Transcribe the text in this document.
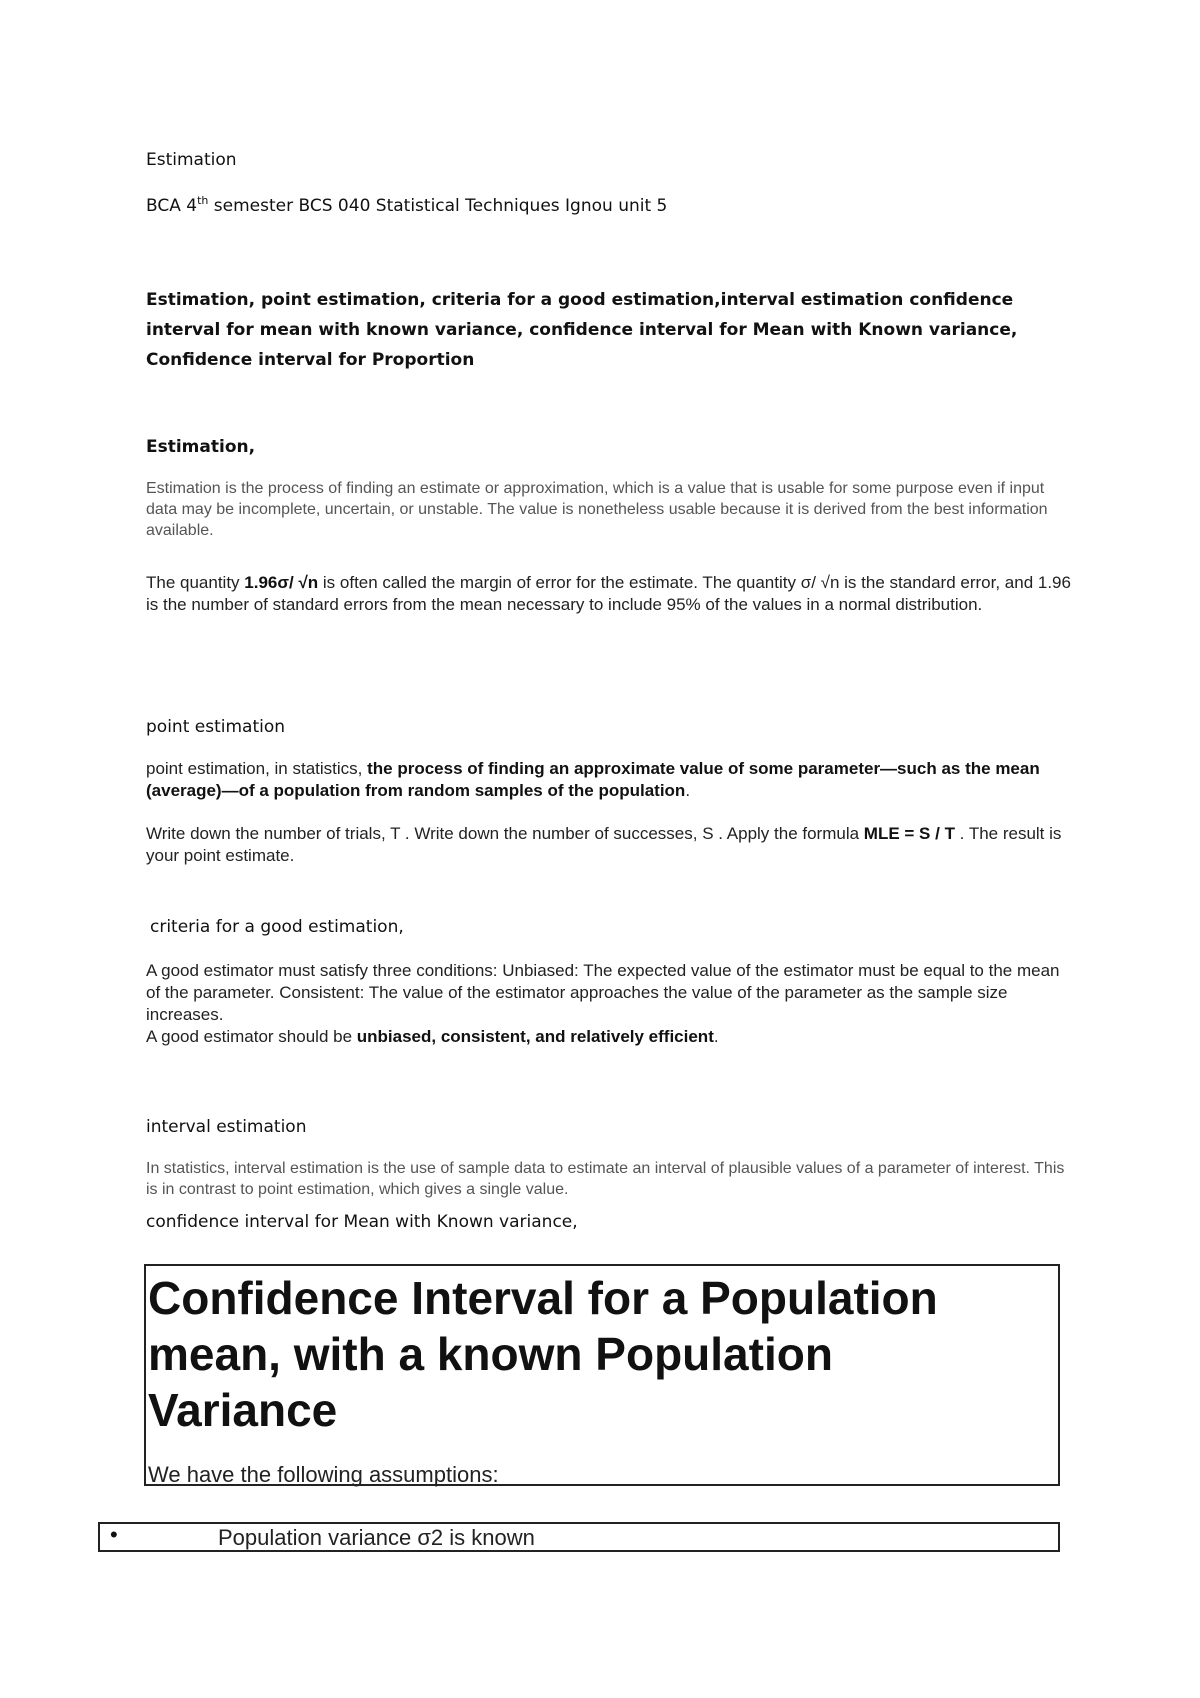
Estimation
BCA 4th semester BCS 040 Statistical Techniques Ignou unit 5
Estimation, point estimation, criteria for a good estimation,interval estimation confidence interval for mean with known variance, confidence interval for Mean with Known variance, Confidence interval for Proportion
Estimation,
Estimation is the process of finding an estimate or approximation, which is a value that is usable for some purpose even if input data may be incomplete, uncertain, or unstable. The value is nonetheless usable because it is derived from the best information available.
The quantity 1.96σ/ √n is often called the margin of error for the estimate. The quantity σ/ √n is the standard error, and 1.96 is the number of standard errors from the mean necessary to include 95% of the values in a normal distribution.
point estimation
point estimation, in statistics, the process of finding an approximate value of some parameter—such as the mean (average)—of a population from random samples of the population.
Write down the number of trials, T . Write down the number of successes, S . Apply the formula MLE = S / T . The result is your point estimate.
criteria for a good estimation,
A good estimator must satisfy three conditions: Unbiased: The expected value of the estimator must be equal to the mean of the parameter. Consistent: The value of the estimator approaches the value of the parameter as the sample size increases.
A good estimator should be unbiased, consistent, and relatively efficient.
interval estimation
In statistics, interval estimation is the use of sample data to estimate an interval of plausible values of a parameter of interest. This is in contrast to point estimation, which gives a single value.
confidence interval for Mean with Known variance,
Confidence Interval for a Population mean, with a known Population Variance
We have the following assumptions:
•	Population variance σ2 is known
